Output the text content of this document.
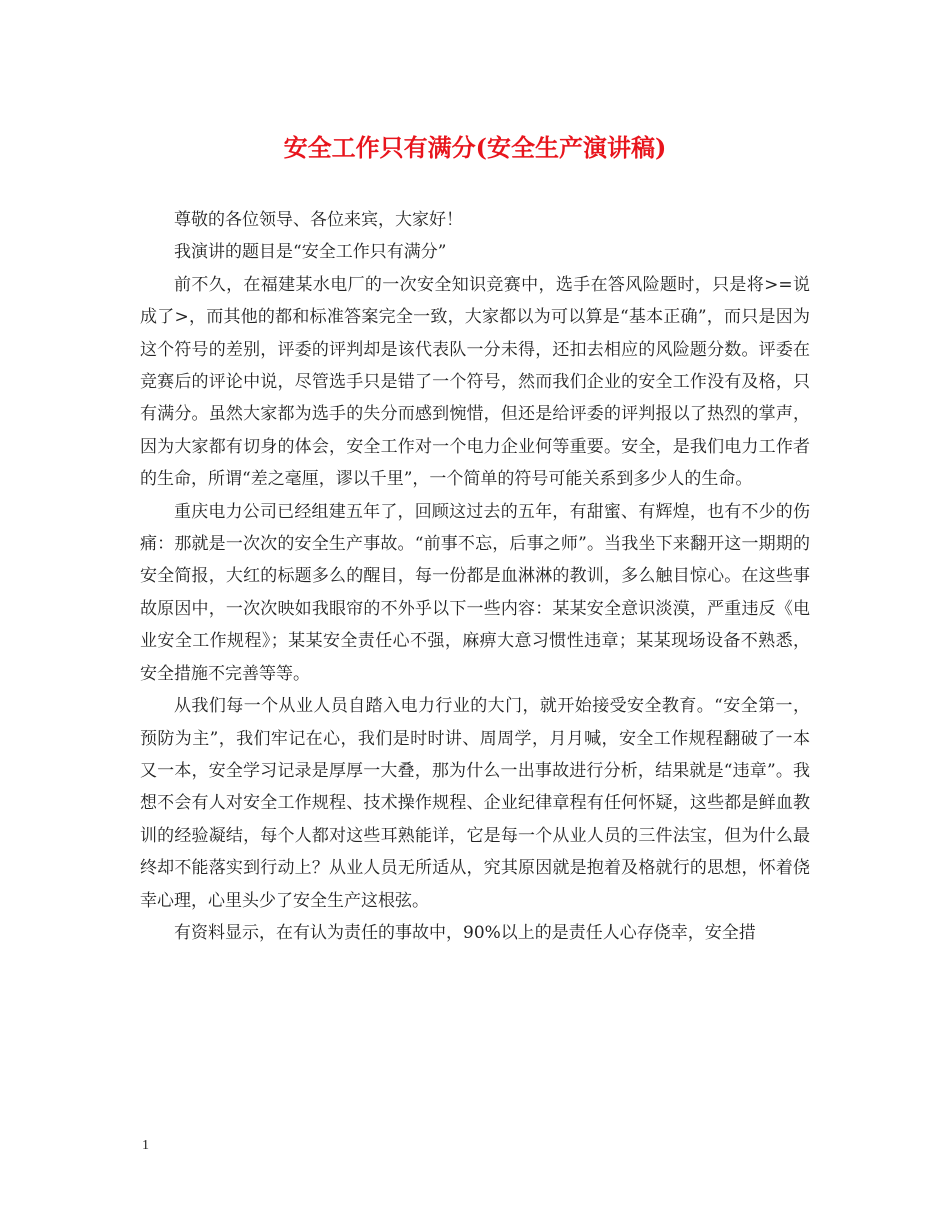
安全工作只有满分(安全生产演讲稿)

尊敬的各位领导、各位来宾，大家好！

我演讲的题目是“安全工作只有满分”

前不久，在福建某水电厂的一次安全知识竞赛中，选手在答风险题时，只是将>=说成了>，而其他的都和标准答案完全一致，大家都以为可以算是“基本正确”，而只是因为这个符号的差别，评委的评判却是该代表队一分未得，还扣去相应的风险题分数。评委在竞赛后的评论中说，尽管选手只是错了一个符号，然而我们企业的安全工作没有及格，只有满分。虽然大家都为选手的失分而感到惋惜，但还是给评委的评判报以了热烈的掌声，因为大家都有切身的体会，安全工作对一个电力企业何等重要。安全，是我们电力工作者的生命，所谓“差之毫厘，谬以千里”，一个简单的符号可能关系到多少人的生命。

重庆电力公司已经组建五年了，回顾这过去的五年，有甜蜜、有辉煌，也有不少的伤痛：那就是一次次的安全生产事故。“前事不忘，后事之师”。当我坐下来翻开这一期期的安全简报，大红的标题多么的醒目，每一份都是血淋淋的教训，多么触目惊心。在这些事故原因中，一次次映如我眼帘的不外乎以下一些内容：某某安全意识淡漠，严重违反《电业安全工作规程》；某某安全责任心不强，麻痹大意习惯性违章；某某现场设备不熟悉，安全措施不完善等等。

从我们每一个从业人员自踏入电力行业的大门，就开始接受安全教育。“安全第一，预防为主”，我们牢记在心，我们是时时讲、周周学，月月喊，安全工作规程翻破了一本又一本，安全学习记录是厚厚一大叠，那为什么一出事故进行分析，结果就是“违章”。我想不会有人对安全工作规程、技术操作规程、企业纪律章程有任何怀疑，这些都是鲜血教训的经验凝结，每个人都对这些耳熟能详，它是每一个从业人员的三件法宝，但为什么最终却不能落实到行动上？从业人员无所适从，究其原因就是抱着及格就行的思想，怀着侥幸心理，心里头少了安全生产这根弦。

有资料显示，在有认为责任的事故中，90%以上的是责任人心存侥幸，安全措

1
